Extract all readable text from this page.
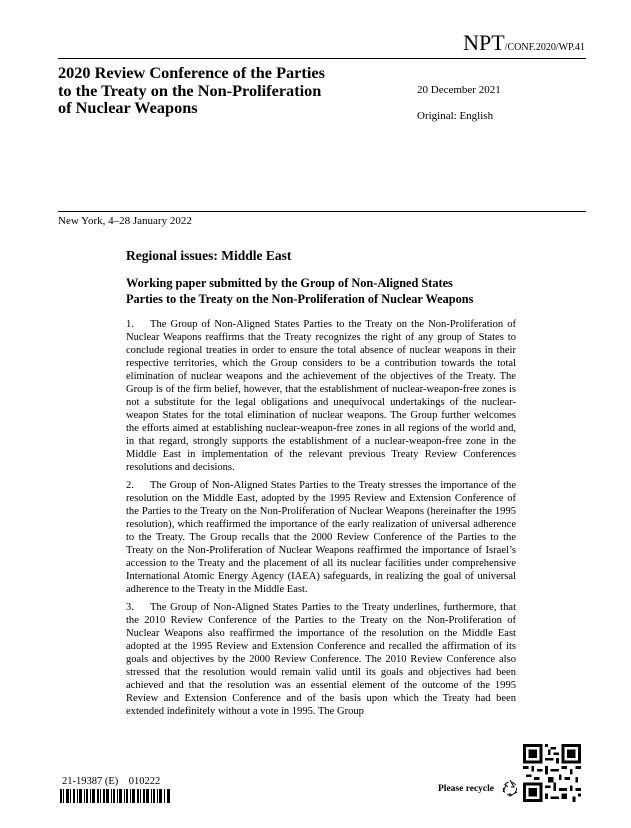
NPT/CONF.2020/WP.41
2020 Review Conference of the Parties
to the Treaty on the Non-Proliferation
of Nuclear Weapons
20 December 2021
Original: English
New York, 4–28 January 2022
Regional issues: Middle East
Working paper submitted by the Group of Non-Aligned States
Parties to the Treaty on the Non-Proliferation of Nuclear Weapons

1. The Group of Non-Aligned States Parties to the Treaty on the Non-Proliferation of Nuclear Weapons reaffirms that the Treaty recognizes the right of any group of States to conclude regional treaties in order to ensure the total absence of nuclear weapons in their respective territories, which the Group considers to be a contribution towards the total elimination of nuclear weapons and the achievement of the objectives of the Treaty. The Group is of the firm belief, however, that the establishment of nuclear-weapon-free zones is not a substitute for the legal obligations and unequivocal undertakings of the nuclear-weapon States for the total elimination of nuclear weapons. The Group further welcomes the efforts aimed at establishing nuclear-weapon-free zones in all regions of the world and, in that regard, strongly supports the establishment of a nuclear-weapon-free zone in the Middle East in implementation of the relevant previous Treaty Review Conferences resolutions and decisions.

2. The Group of Non-Aligned States Parties to the Treaty stresses the importance of the resolution on the Middle East, adopted by the 1995 Review and Extension Conference of the Parties to the Treaty on the Non-Proliferation of Nuclear Weapons (hereinafter the 1995 resolution), which reaffirmed the importance of the early realization of universal adherence to the Treaty. The Group recalls that the 2000 Review Conference of the Parties to the Treaty on the Non-Proliferation of Nuclear Weapons reaffirmed the importance of Israel’s accession to the Treaty and the placement of all its nuclear facilities under comprehensive International Atomic Energy Agency (IAEA) safeguards, in realizing the goal of universal adherence to the Treaty in the Middle East.

3. The Group of Non-Aligned States Parties to the Treaty underlines, furthermore, that the 2010 Review Conference of the Parties to the Treaty on the Non-Proliferation of Nuclear Weapons also reaffirmed the importance of the resolution on the Middle East adopted at the 1995 Review and Extension Conference and recalled the affirmation of its goals and objectives by the 2000 Review Conference. The 2010 Review Conference also stressed that the resolution would remain valid until its goals and objectives had been achieved and that the resolution was an essential element of the outcome of the 1995 Review and Extension Conference and of the basis upon which the Treaty had been extended indefinitely without a vote in 1995. The Group

21-19387 (E)    010222
Please recycle
